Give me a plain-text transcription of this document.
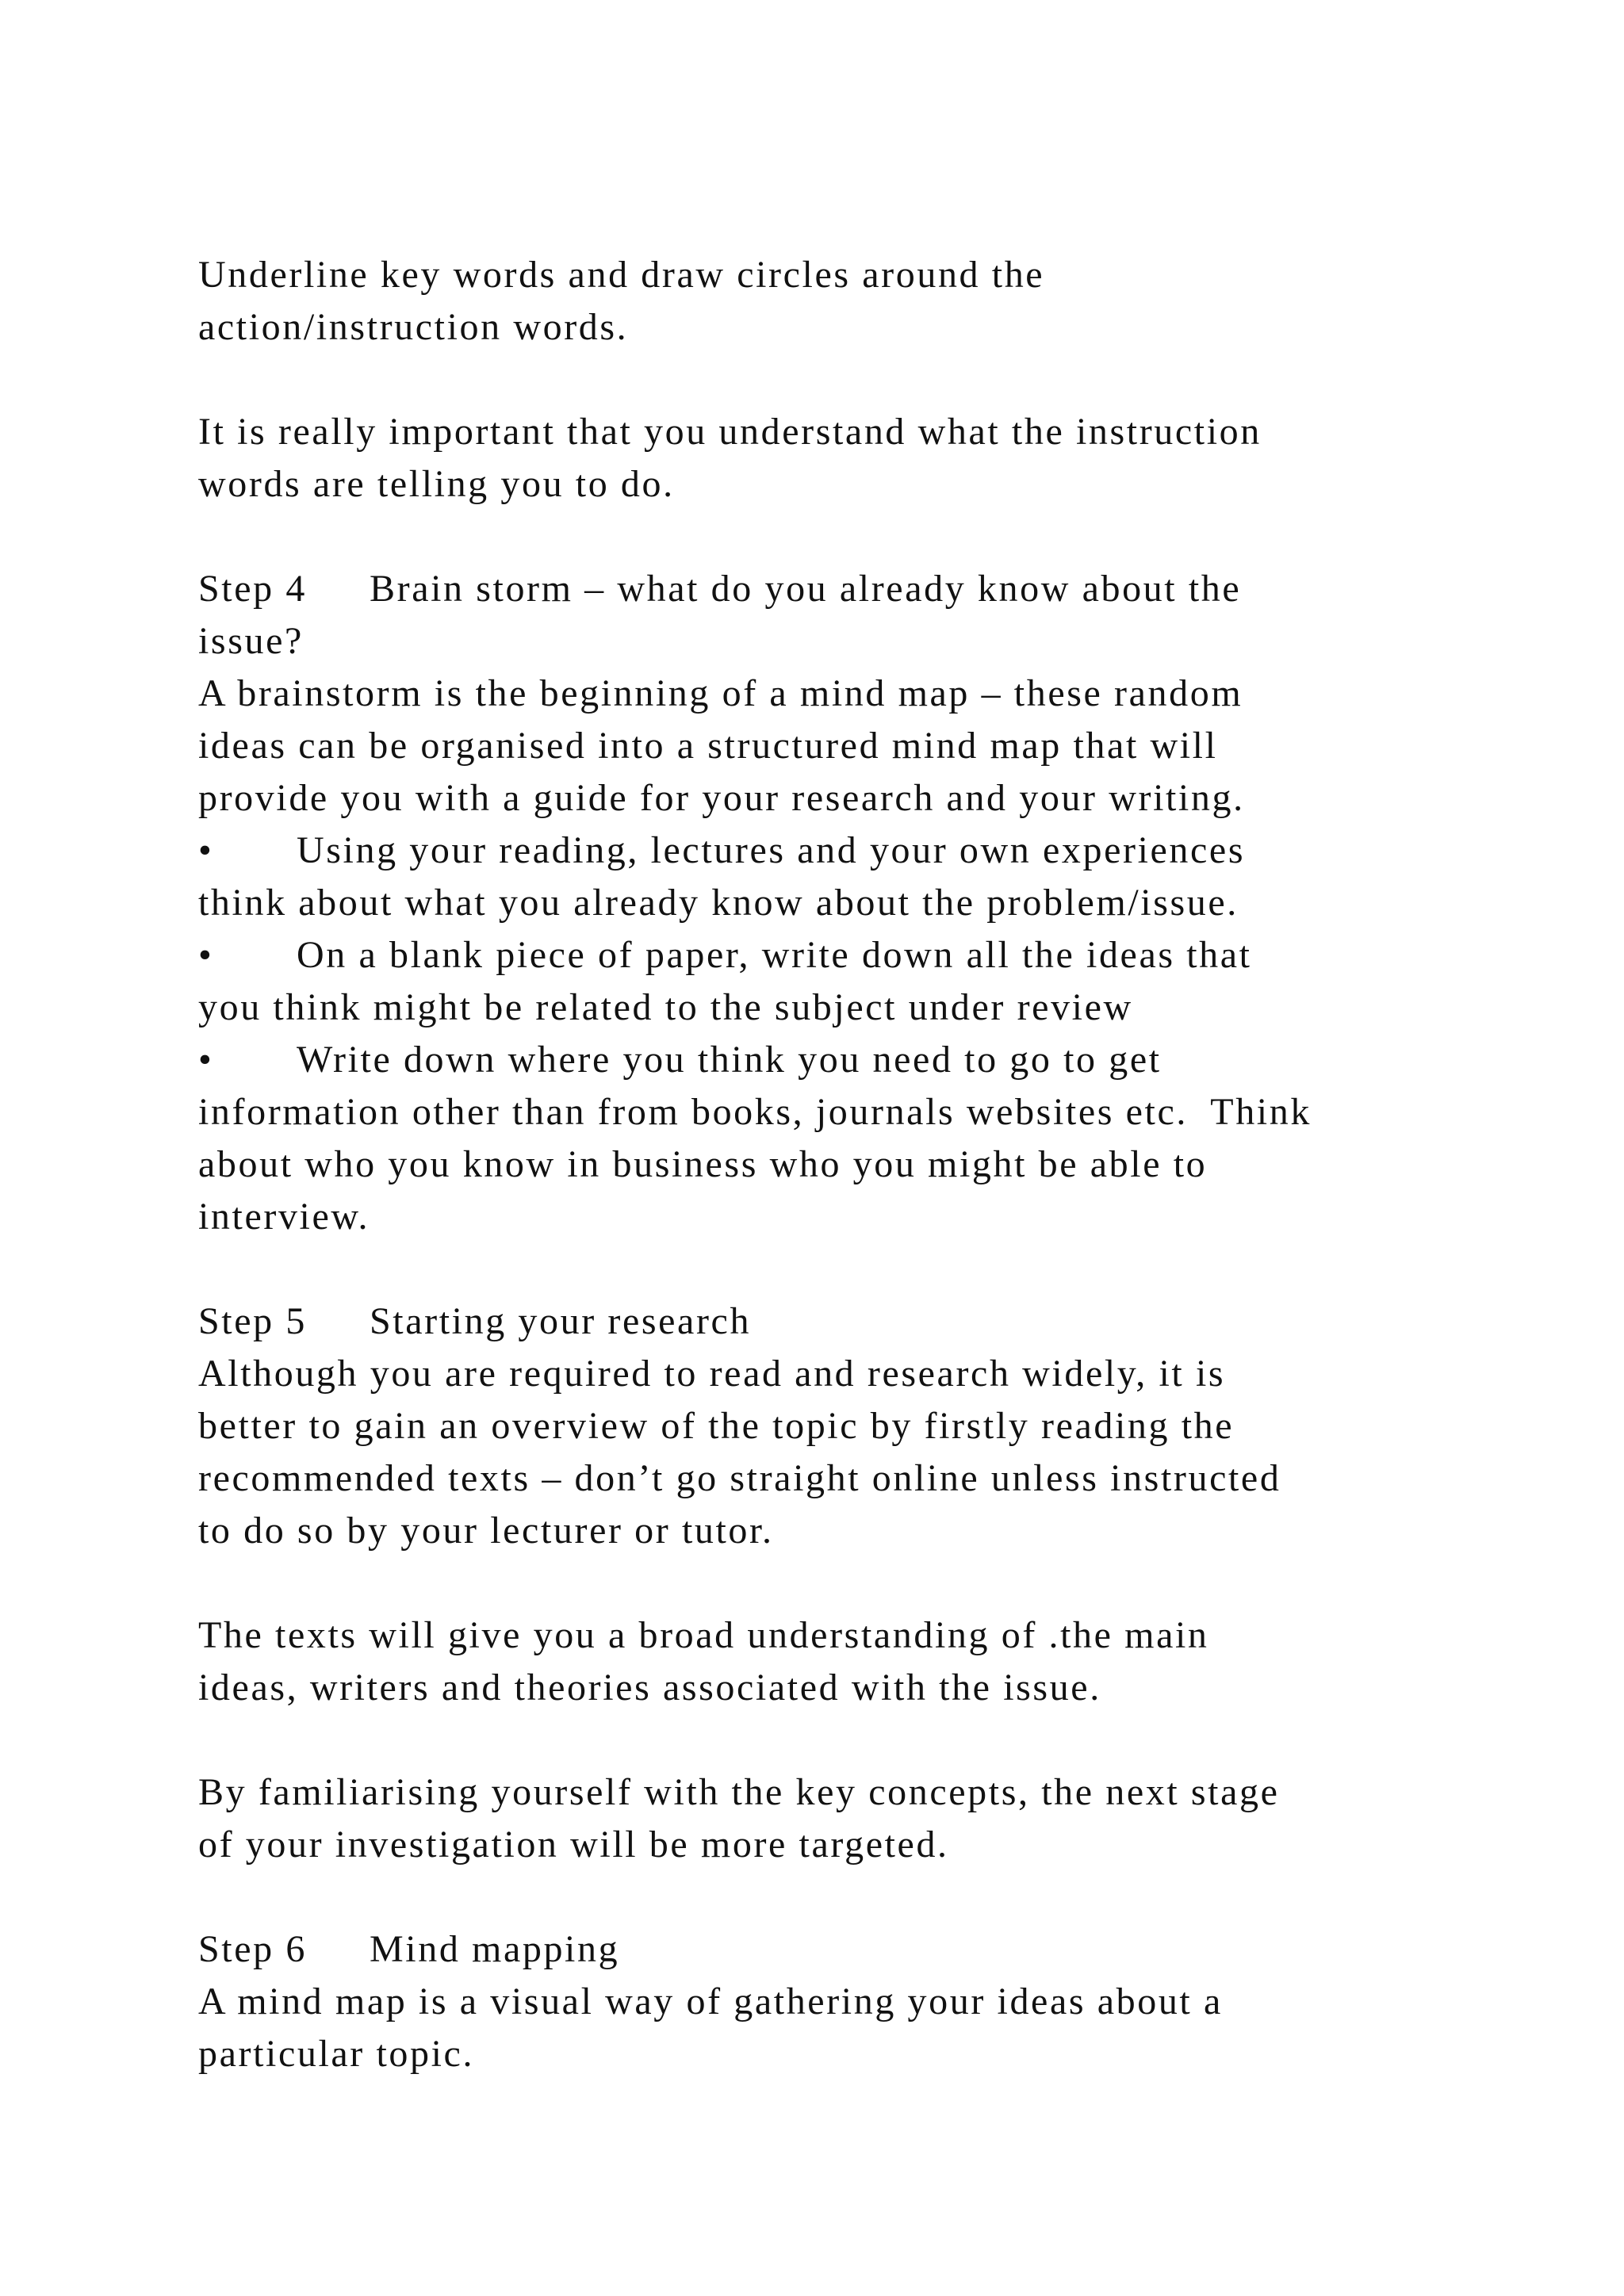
Underline key words and draw circles around the
action/instruction words.
It is really important that you understand what the instruction
words are telling you to do.
Step 4 Brain storm – what do you already know about the
issue?
A brainstorm is the beginning of a mind map – these random
ideas can be organised into a structured mind map that will
provide you with a guide for your research and your writing.
• Using your reading, lectures and your own experiences
think about what you already know about the problem/issue.
• On a blank piece of paper, write down all the ideas that
you think might be related to the subject under review
• Write down where you think you need to go to get
information other than from books, journals websites etc.  Think
about who you know in business who you might be able to
interview.
Step 5 Starting your research
Although you are required to read and research widely, it is
better to gain an overview of the topic by firstly reading the
recommended texts – don’t go straight online unless instructed
to do so by your lecturer or tutor.
The texts will give you a broad understanding of .the main
ideas, writers and theories associated with the issue.
By familiarising yourself with the key concepts, the next stage
of your investigation will be more targeted.
Step 6 Mind mapping
A mind map is a visual way of gathering your ideas about a
particular topic.
